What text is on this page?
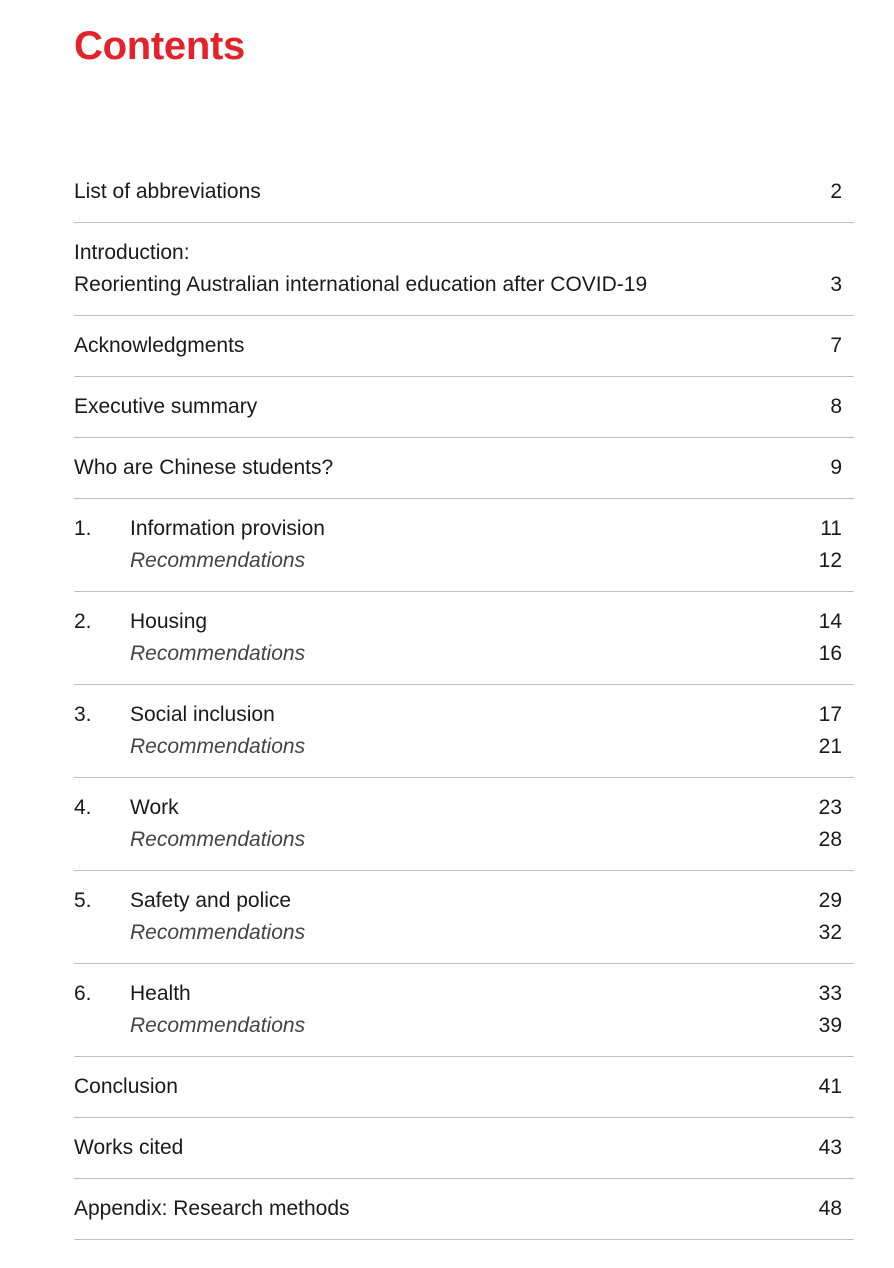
Contents
List of abbreviations	2
Introduction:
Reorienting Australian international education after COVID-19	3
Acknowledgments	7
Executive summary	8
Who are Chinese students?	9
1.	Information provision	11
Recommendations	12
2.	Housing	14
Recommendations	16
3.	Social inclusion	17
Recommendations	21
4.	Work	23
Recommendations	28
5.	Safety and police	29
Recommendations	32
6.	Health	33
Recommendations	39
Conclusion	41
Works cited	43
Appendix: Research methods	48
